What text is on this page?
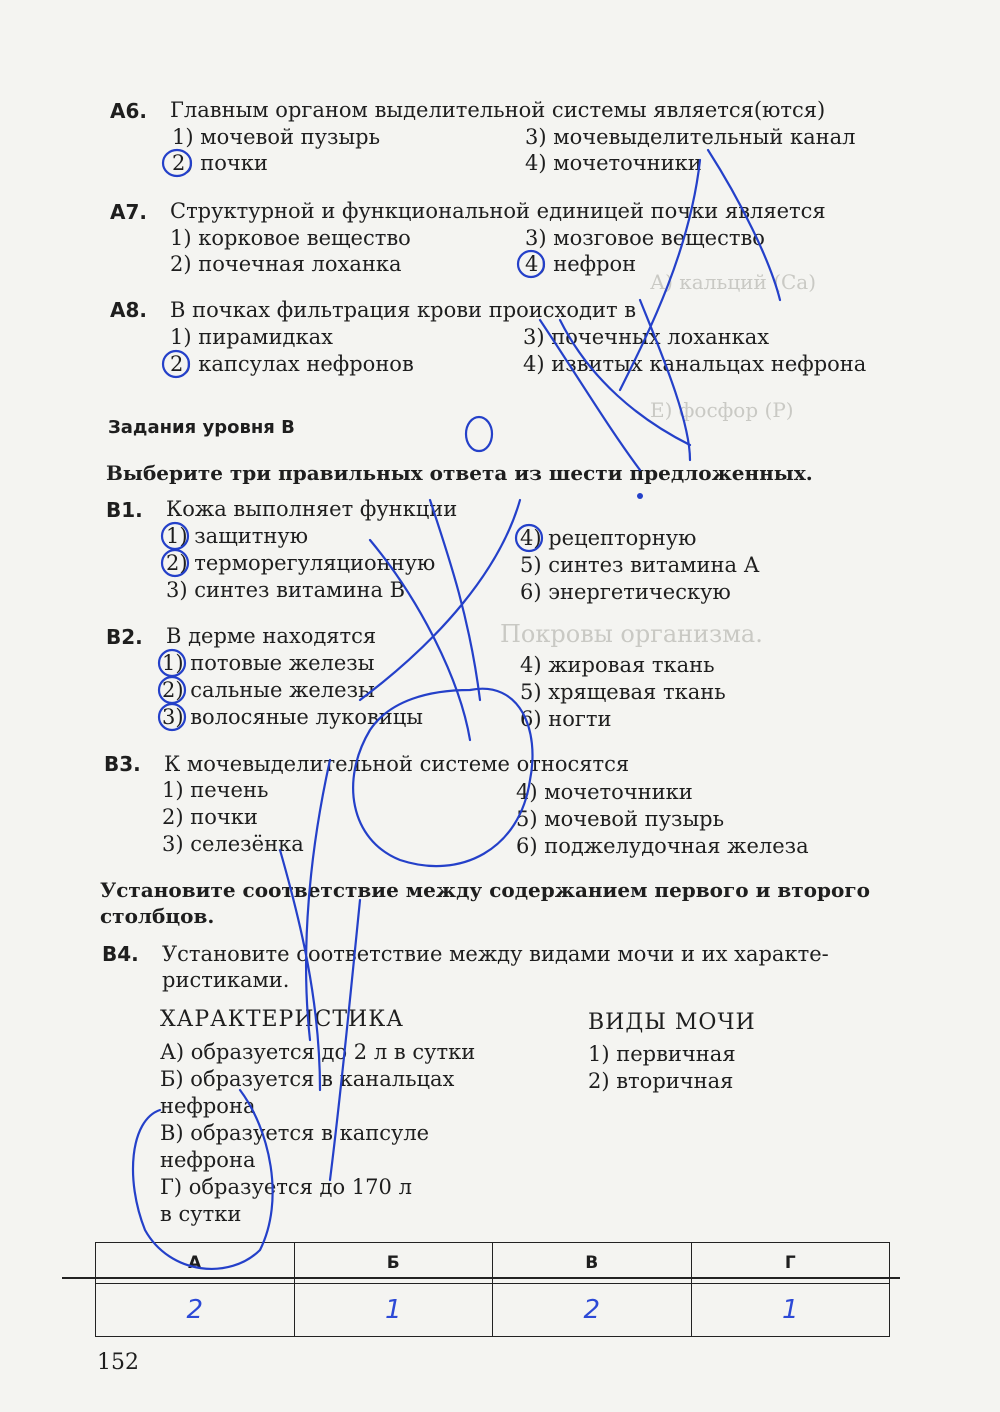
А) кальций (Ca)
Е) фосфор (P)
Покровы организма.
A6. Главным органом выделительной системы является(ются)
1) мочевой пузырь	3) мочевыделительный канал
2) почки	4) мочеточники
A7. Структурной и функциональной единицей почки является
1) корковое вещество	3) мозговое вещество
2) почечная лоханка	4) нефрон
A8. В почках фильтрация крови происходит в
1) пирамидках	3) почечных лоханках
2) капсулах нефронов	4) извитых канальцах нефрона
Задания уровня В
Выберите три правильных ответа из шести предложенных.
B1. Кожа выполняет функции
1) защитную	4) рецепторную
2) терморегуляционную	5) синтез витамина А
3) синтез витамина В	6) энергетическую
B2. В дерме находятся
1) потовые железы	4) жировая ткань
2) сальные железы	5) хрящевая ткань
3) волосяные луковицы	6) ногти
B3. К мочевыделительной системе относятся
1) печень	4) мочеточники
2) почки	5) мочевой пузырь
3) селезёнка	6) поджелудочная железа
Установите соответствие между содержанием первого и второго
столбцов.
B4. Установите соответствие между видами мочи и их характе-
ристиками.
ХАРАКТЕРИСТИКА	ВИДЫ МОЧИ
А) образуется до 2 л в сутки
Б) образуется в канальцах
нефрона
В) образуется в капсуле
нефрона
Г) образуется до 170 л
в сутки
1) первичная
2) вторичная
А	Б	В	Г
2	1	2	1
152
